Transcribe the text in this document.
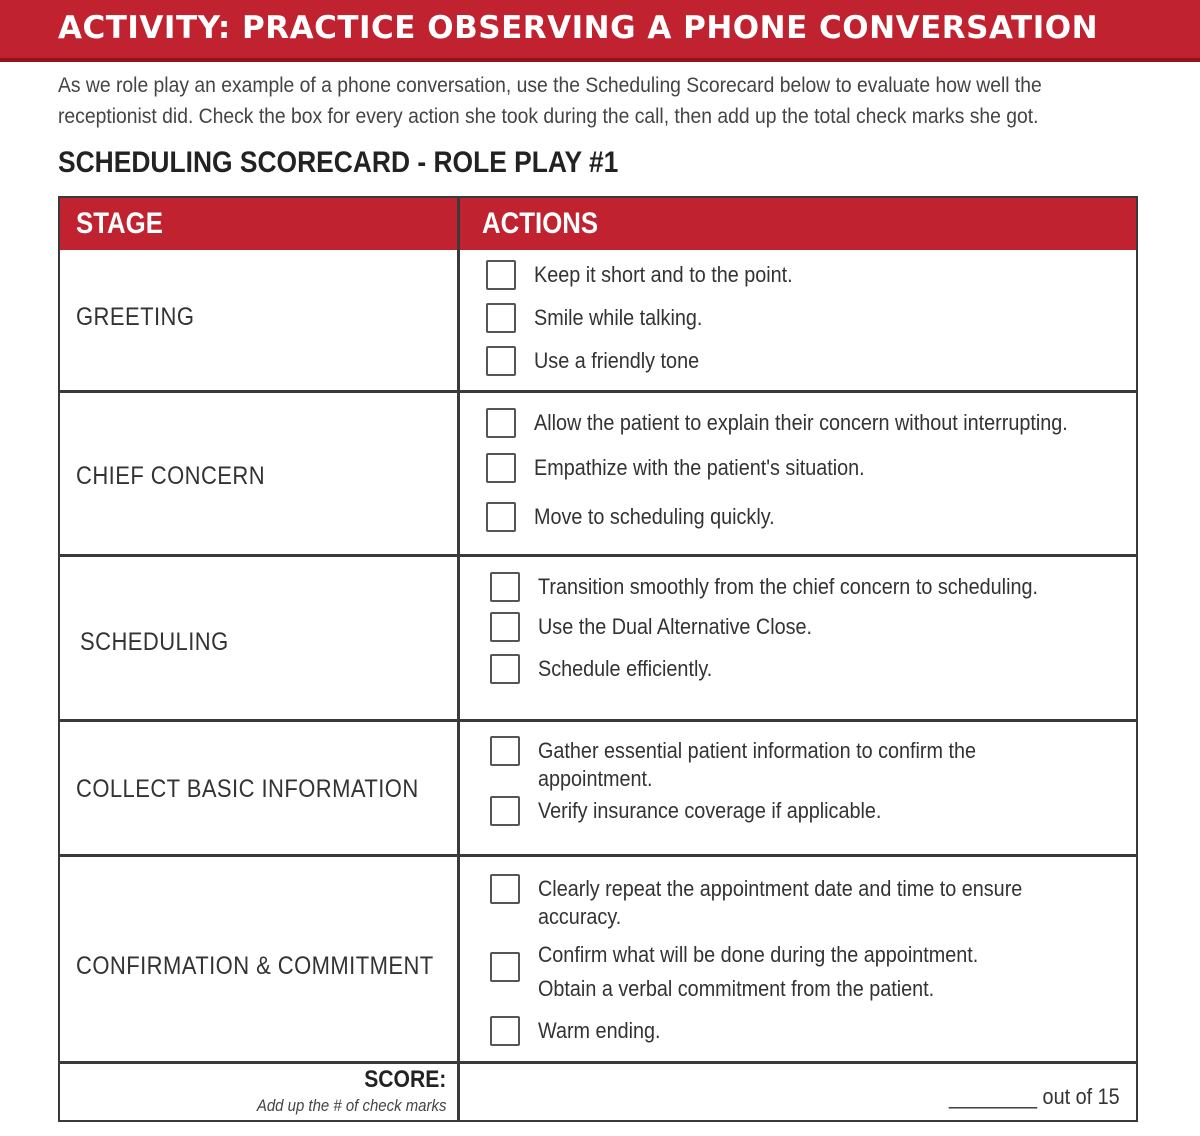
ACTIVITY: PRACTICE OBSERVING A PHONE CONVERSATION
As we role play an example of a phone conversation, use the Scheduling Scorecard below to evaluate how well the
receptionist did. Check the box for every action she took during the call, then add up the total check marks she got.
SCHEDULING SCORECARD - ROLE PLAY #1
STAGE	ACTIONS
GREETING
Keep it short and to the point.
Smile while talking.
Use a friendly tone
CHIEF CONCERN
Allow the patient to explain their concern without interrupting.
Empathize with the patient's situation.
Move to scheduling quickly.
SCHEDULING
Transition smoothly from the chief concern to scheduling.
Use the Dual Alternative Close.
Schedule efficiently.
COLLECT BASIC INFORMATION
Gather essential patient information to confirm the appointment.
Verify insurance coverage if applicable.
CONFIRMATION & COMMITMENT
Clearly repeat the appointment date and time to ensure accuracy.
Confirm what will be done during the appointment.
Obtain a verbal commitment from the patient.
Warm ending.
SCORE:
Add up the # of check marks	________ out of 15
